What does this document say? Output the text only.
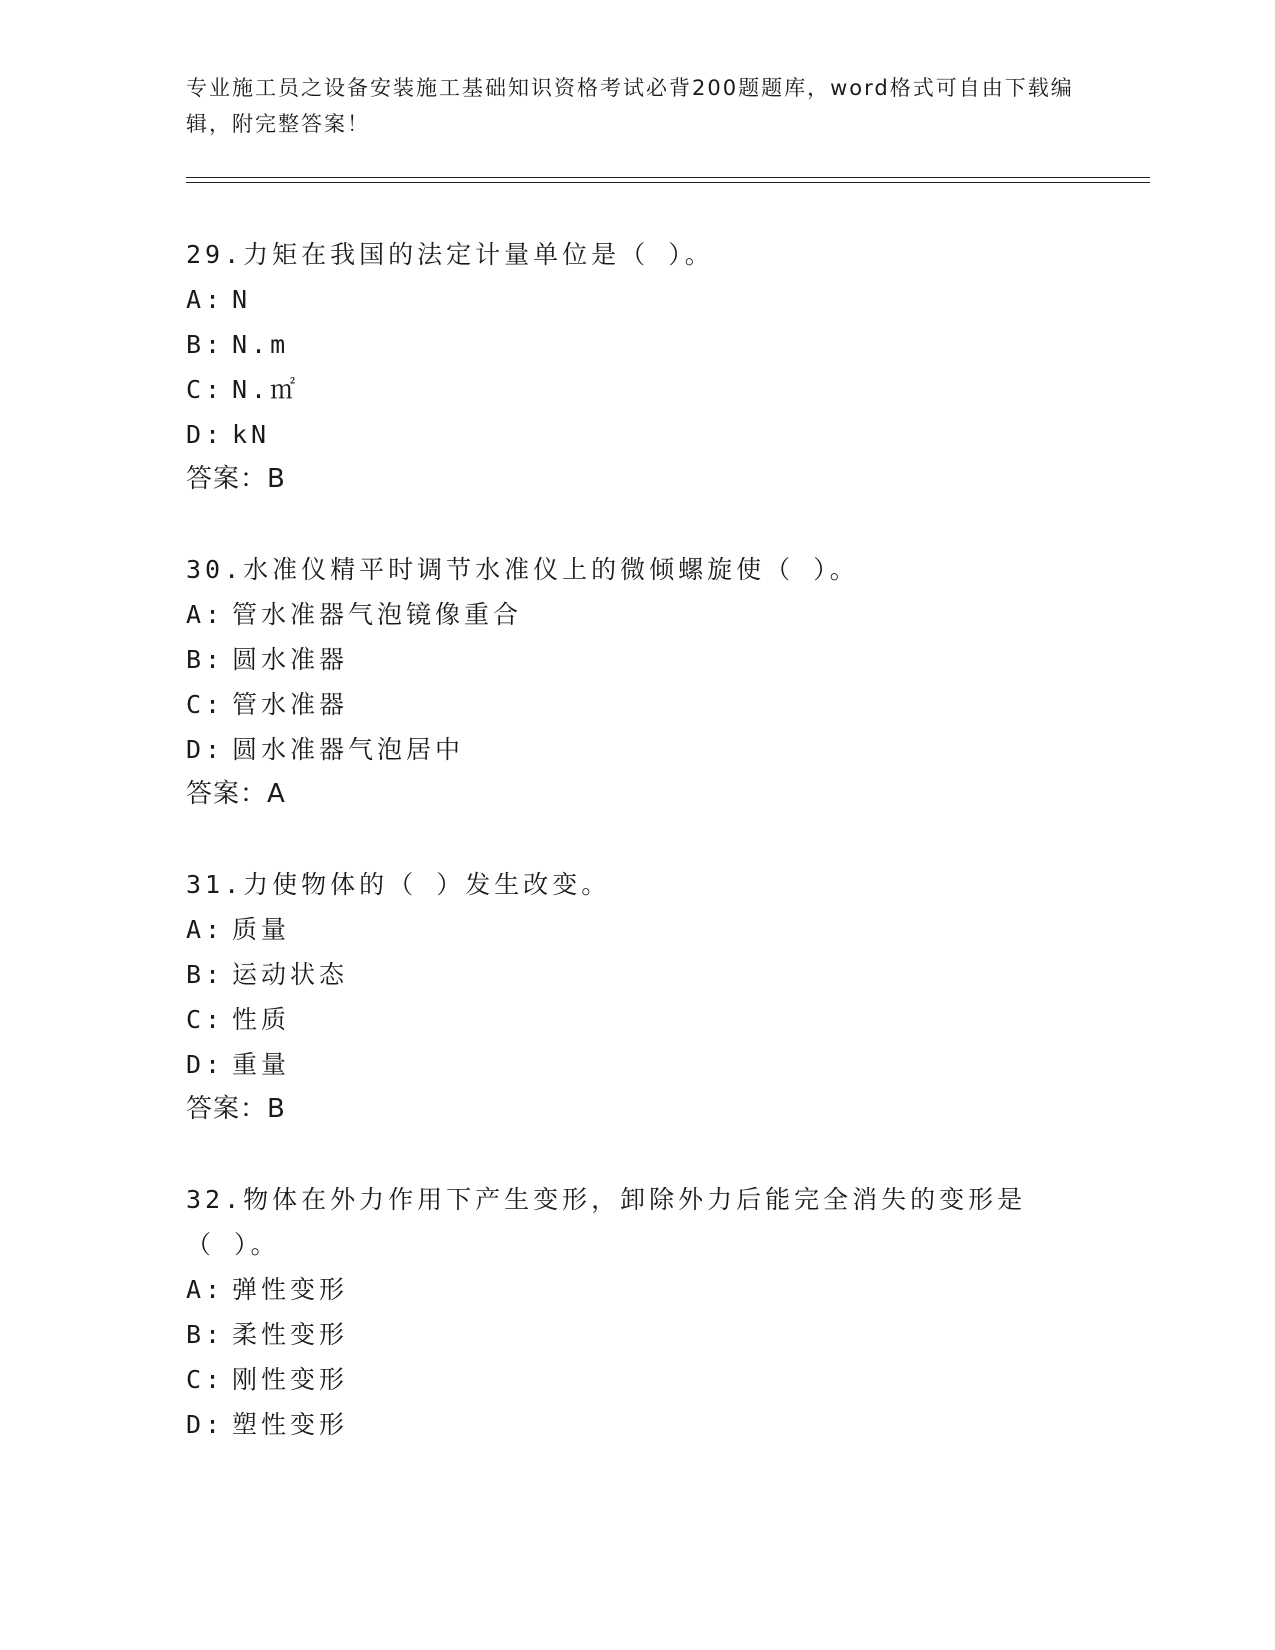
专业施工员之设备安装施工基础知识资格考试必背200题题库，word格式可自由下载编辑，附完整答案！

29.力矩在我国的法定计量单位是（ ）。

A: N

B: N.m

C: N.㎡

D: kN

答案：B

30.水准仪精平时调节水准仪上的微倾螺旋使（ ）。

A: 管水准器气泡镜像重合

B: 圆水准器

C: 管水准器

D: 圆水准器气泡居中

答案：A

31.力使物体的（ ）发生改变。

A: 质量

B: 运动状态

C: 性质

D: 重量

答案：B

32.物体在外力作用下产生变形，卸除外力后能完全消失的变形是（ ）。

A: 弹性变形

B: 柔性变形

C: 刚性变形

D: 塑性变形
